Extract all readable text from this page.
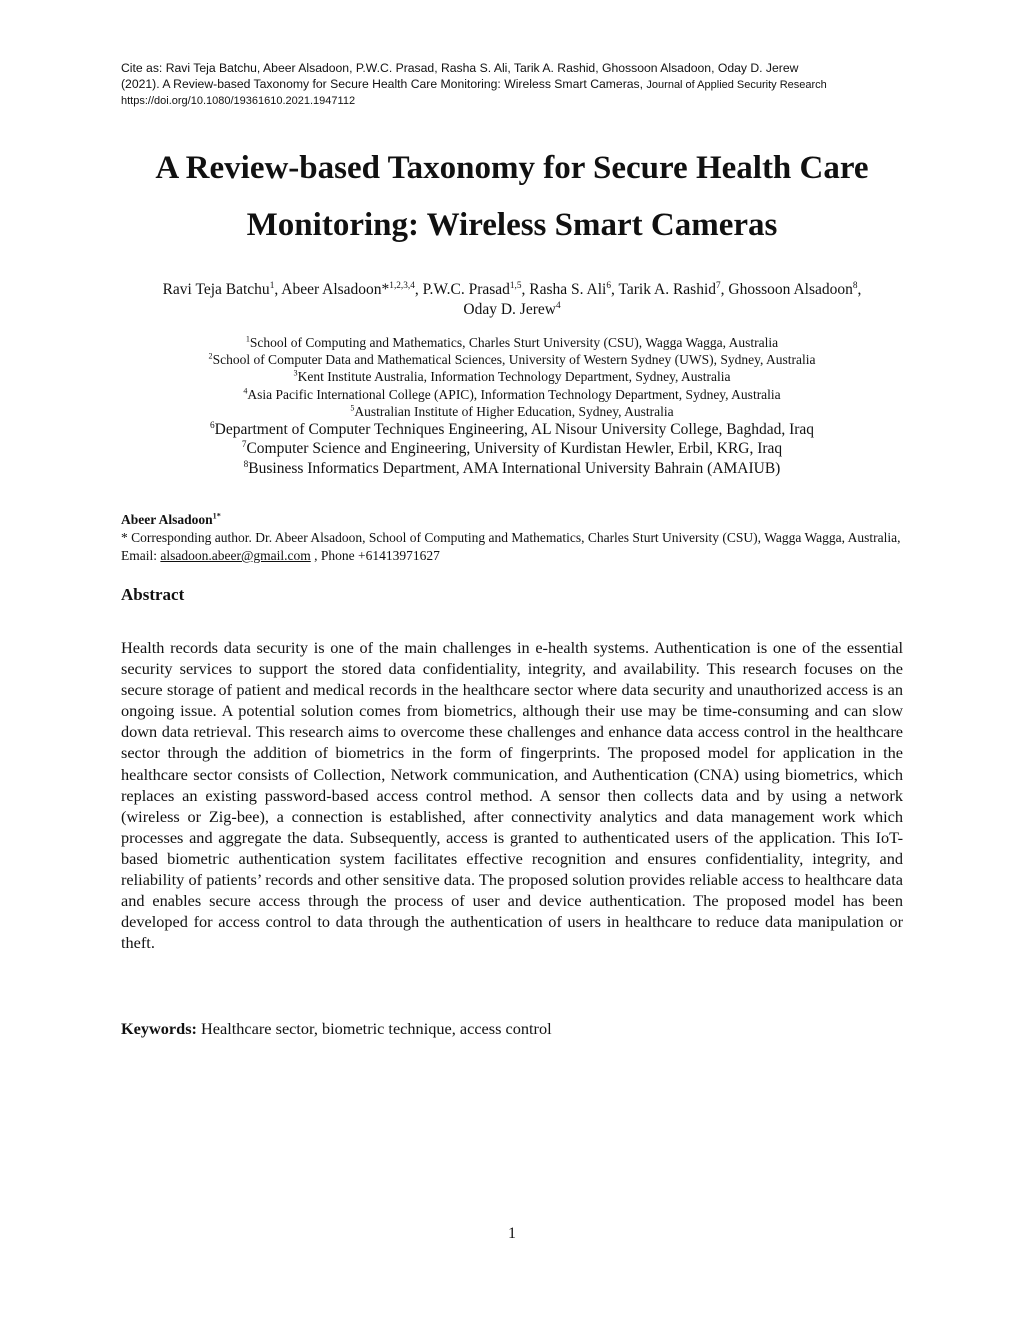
Cite as: Ravi Teja Batchu, Abeer Alsadoon, P.W.C. Prasad, Rasha S. Ali, Tarik A. Rashid, Ghossoon Alsadoon, Oday D. Jerew
(2021). A Review-based Taxonomy for Secure Health Care Monitoring: Wireless Smart Cameras, Journal of Applied Security Research
https://doi.org/10.1080/19361610.2021.1947112
A Review-based Taxonomy for Secure Health Care
Monitoring: Wireless Smart Cameras
Ravi Teja Batchu$^1$, Abeer Alsadoon*$^{1,2,3,4}$, P.W.C. Prasad$^{1,5}$, Rasha S. Ali$^6$, Tarik A. Rashid$^7$, Ghossoon Alsadoon$^8$,
Oday D. Jerew$^4$
$^1$School of Computing and Mathematics, Charles Sturt University (CSU), Wagga Wagga, Australia
$^2$School of Computer Data and Mathematical Sciences, University of Western Sydney (UWS), Sydney, Australia
$^3$Kent Institute Australia, Information Technology Department, Sydney, Australia
$^4$Asia Pacific International College (APIC), Information Technology Department, Sydney, Australia
$^5$Australian Institute of Higher Education, Sydney, Australia
$^6$Department of Computer Techniques Engineering, AL Nisour University College, Baghdad, Iraq
$^7$Computer Science and Engineering, University of Kurdistan Hewler, Erbil, KRG, Iraq
$^8$Business Informatics Department, AMA International University Bahrain (AMAIUB)
Abeer Alsadoon$^{1*}$
* Corresponding author. Dr. Abeer Alsadoon, School of Computing and Mathematics, Charles Sturt University (CSU), Wagga Wagga, Australia, Email: alsadoon.abeer@gmail.com , Phone +61413971627
Abstract

Health records data security is one of the main challenges in e-health systems. Authentication is one of the essential security services to support the stored data confidentiality, integrity, and availability. This research focuses on the secure storage of patient and medical records in the healthcare sector where data security and unauthorized access is an ongoing issue. A potential solution comes from biometrics, although their use may be time-consuming and can slow down data retrieval. This research aims to overcome these challenges and enhance data access control in the healthcare sector through the addition of biometrics in the form of fingerprints. The proposed model for application in the healthcare sector consists of Collection, Network communication, and Authentication (CNA) using biometrics, which replaces an existing password-based access control method. A sensor then collects data and by using a network (wireless or Zig-bee), a connection is established, after connectivity analytics and data management work which processes and aggregate the data. Subsequently, access is granted to authenticated users of the application. This IoT-based biometric authentication system facilitates effective recognition and ensures confidentiality, integrity, and reliability of patients’ records and other sensitive data. The proposed solution provides reliable access to healthcare data and enables secure access through the process of user and device authentication. The proposed model has been developed for access control to data through the authentication of users in healthcare to reduce data manipulation or theft.

Keywords: Healthcare sector, biometric technique, access control
1
